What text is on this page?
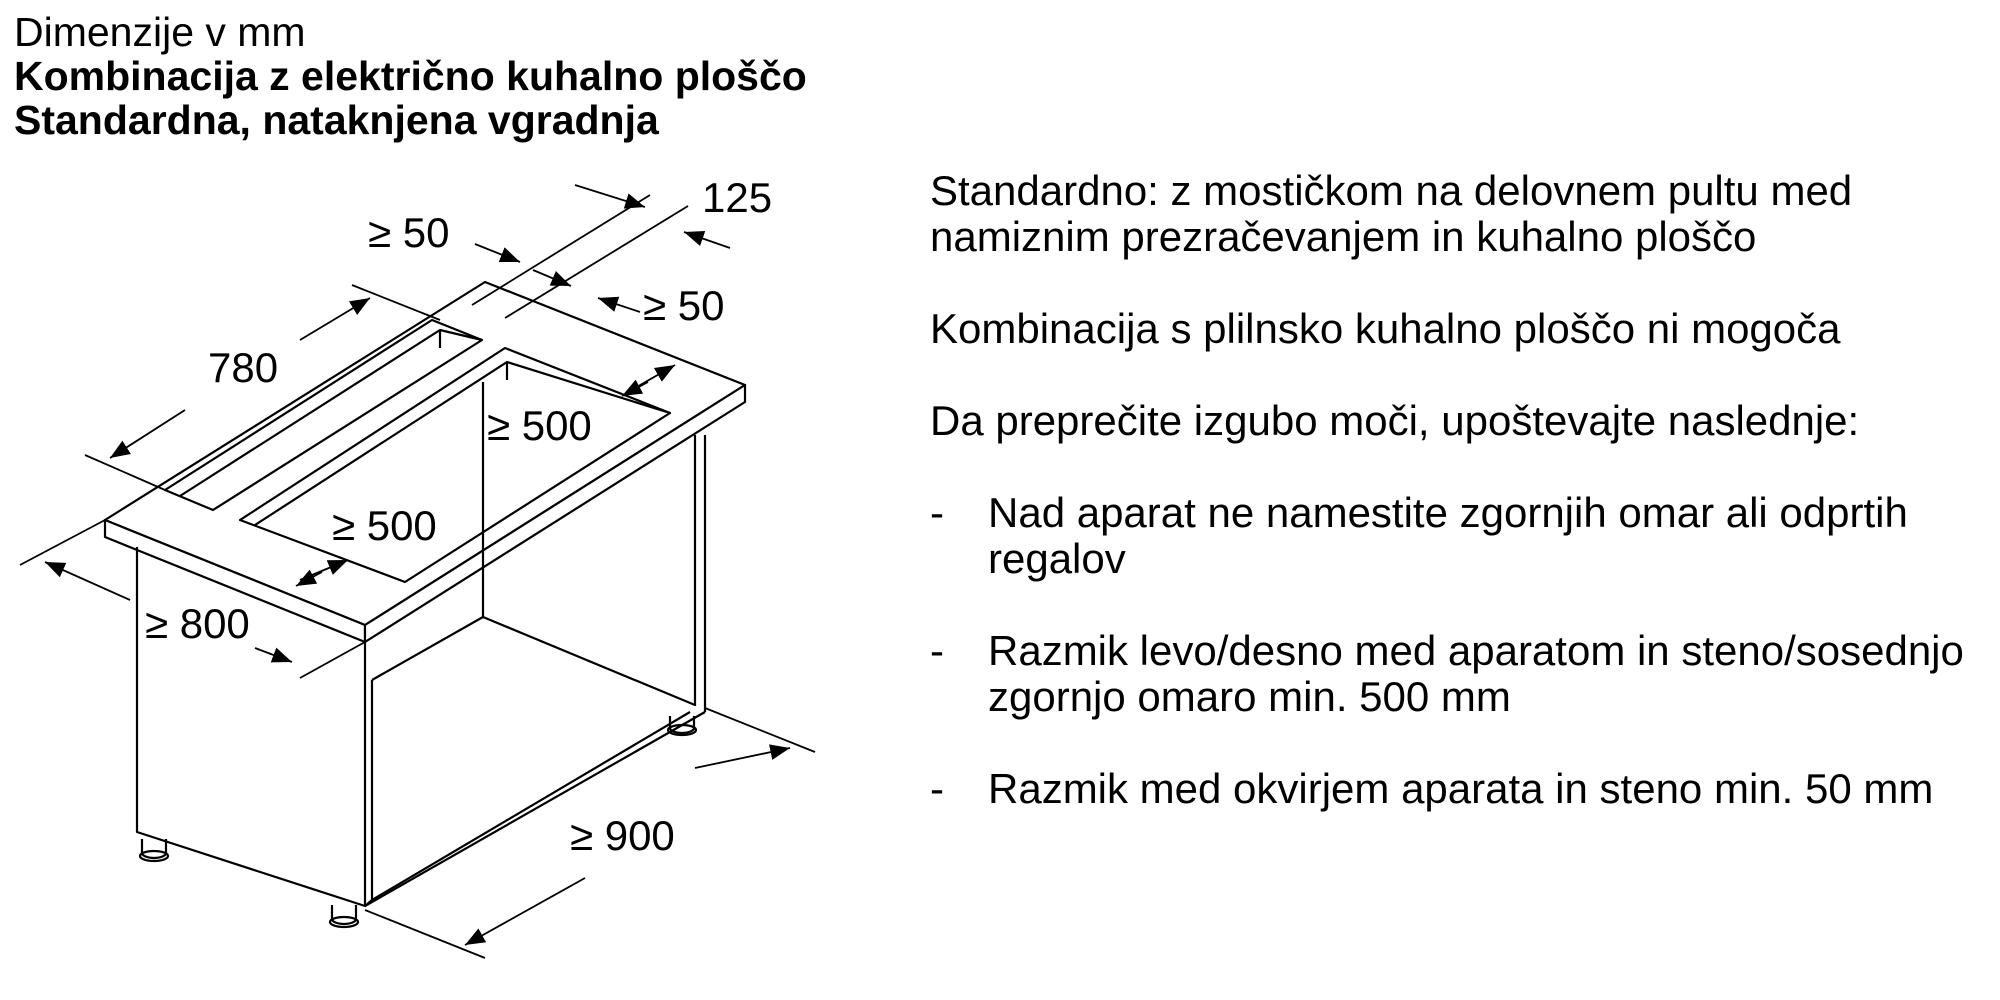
Dimenzije v mm
Kombinacija z električno kuhalno ploščo
Standardna, nataknjena vgradnja
125
≥ 50
≥ 50
780
≥ 500
≥ 500
≥ 800
≥ 900

Standardno: z mostičkom na delovnem pultu med namiznim prezračevanjem in kuhalno ploščo

Kombinacija s plilnsko kuhalno ploščo ni mogoča

Da preprečite izgubo moči, upoštevajte naslednje:

-	Nad aparat ne namestite zgornjih omar ali odprtih regalov
-	Razmik levo/desno med aparatom in steno/sosednjo zgornjo omaro min. 500 mm
-	Razmik med okvirjem aparata in steno min. 50 mm
